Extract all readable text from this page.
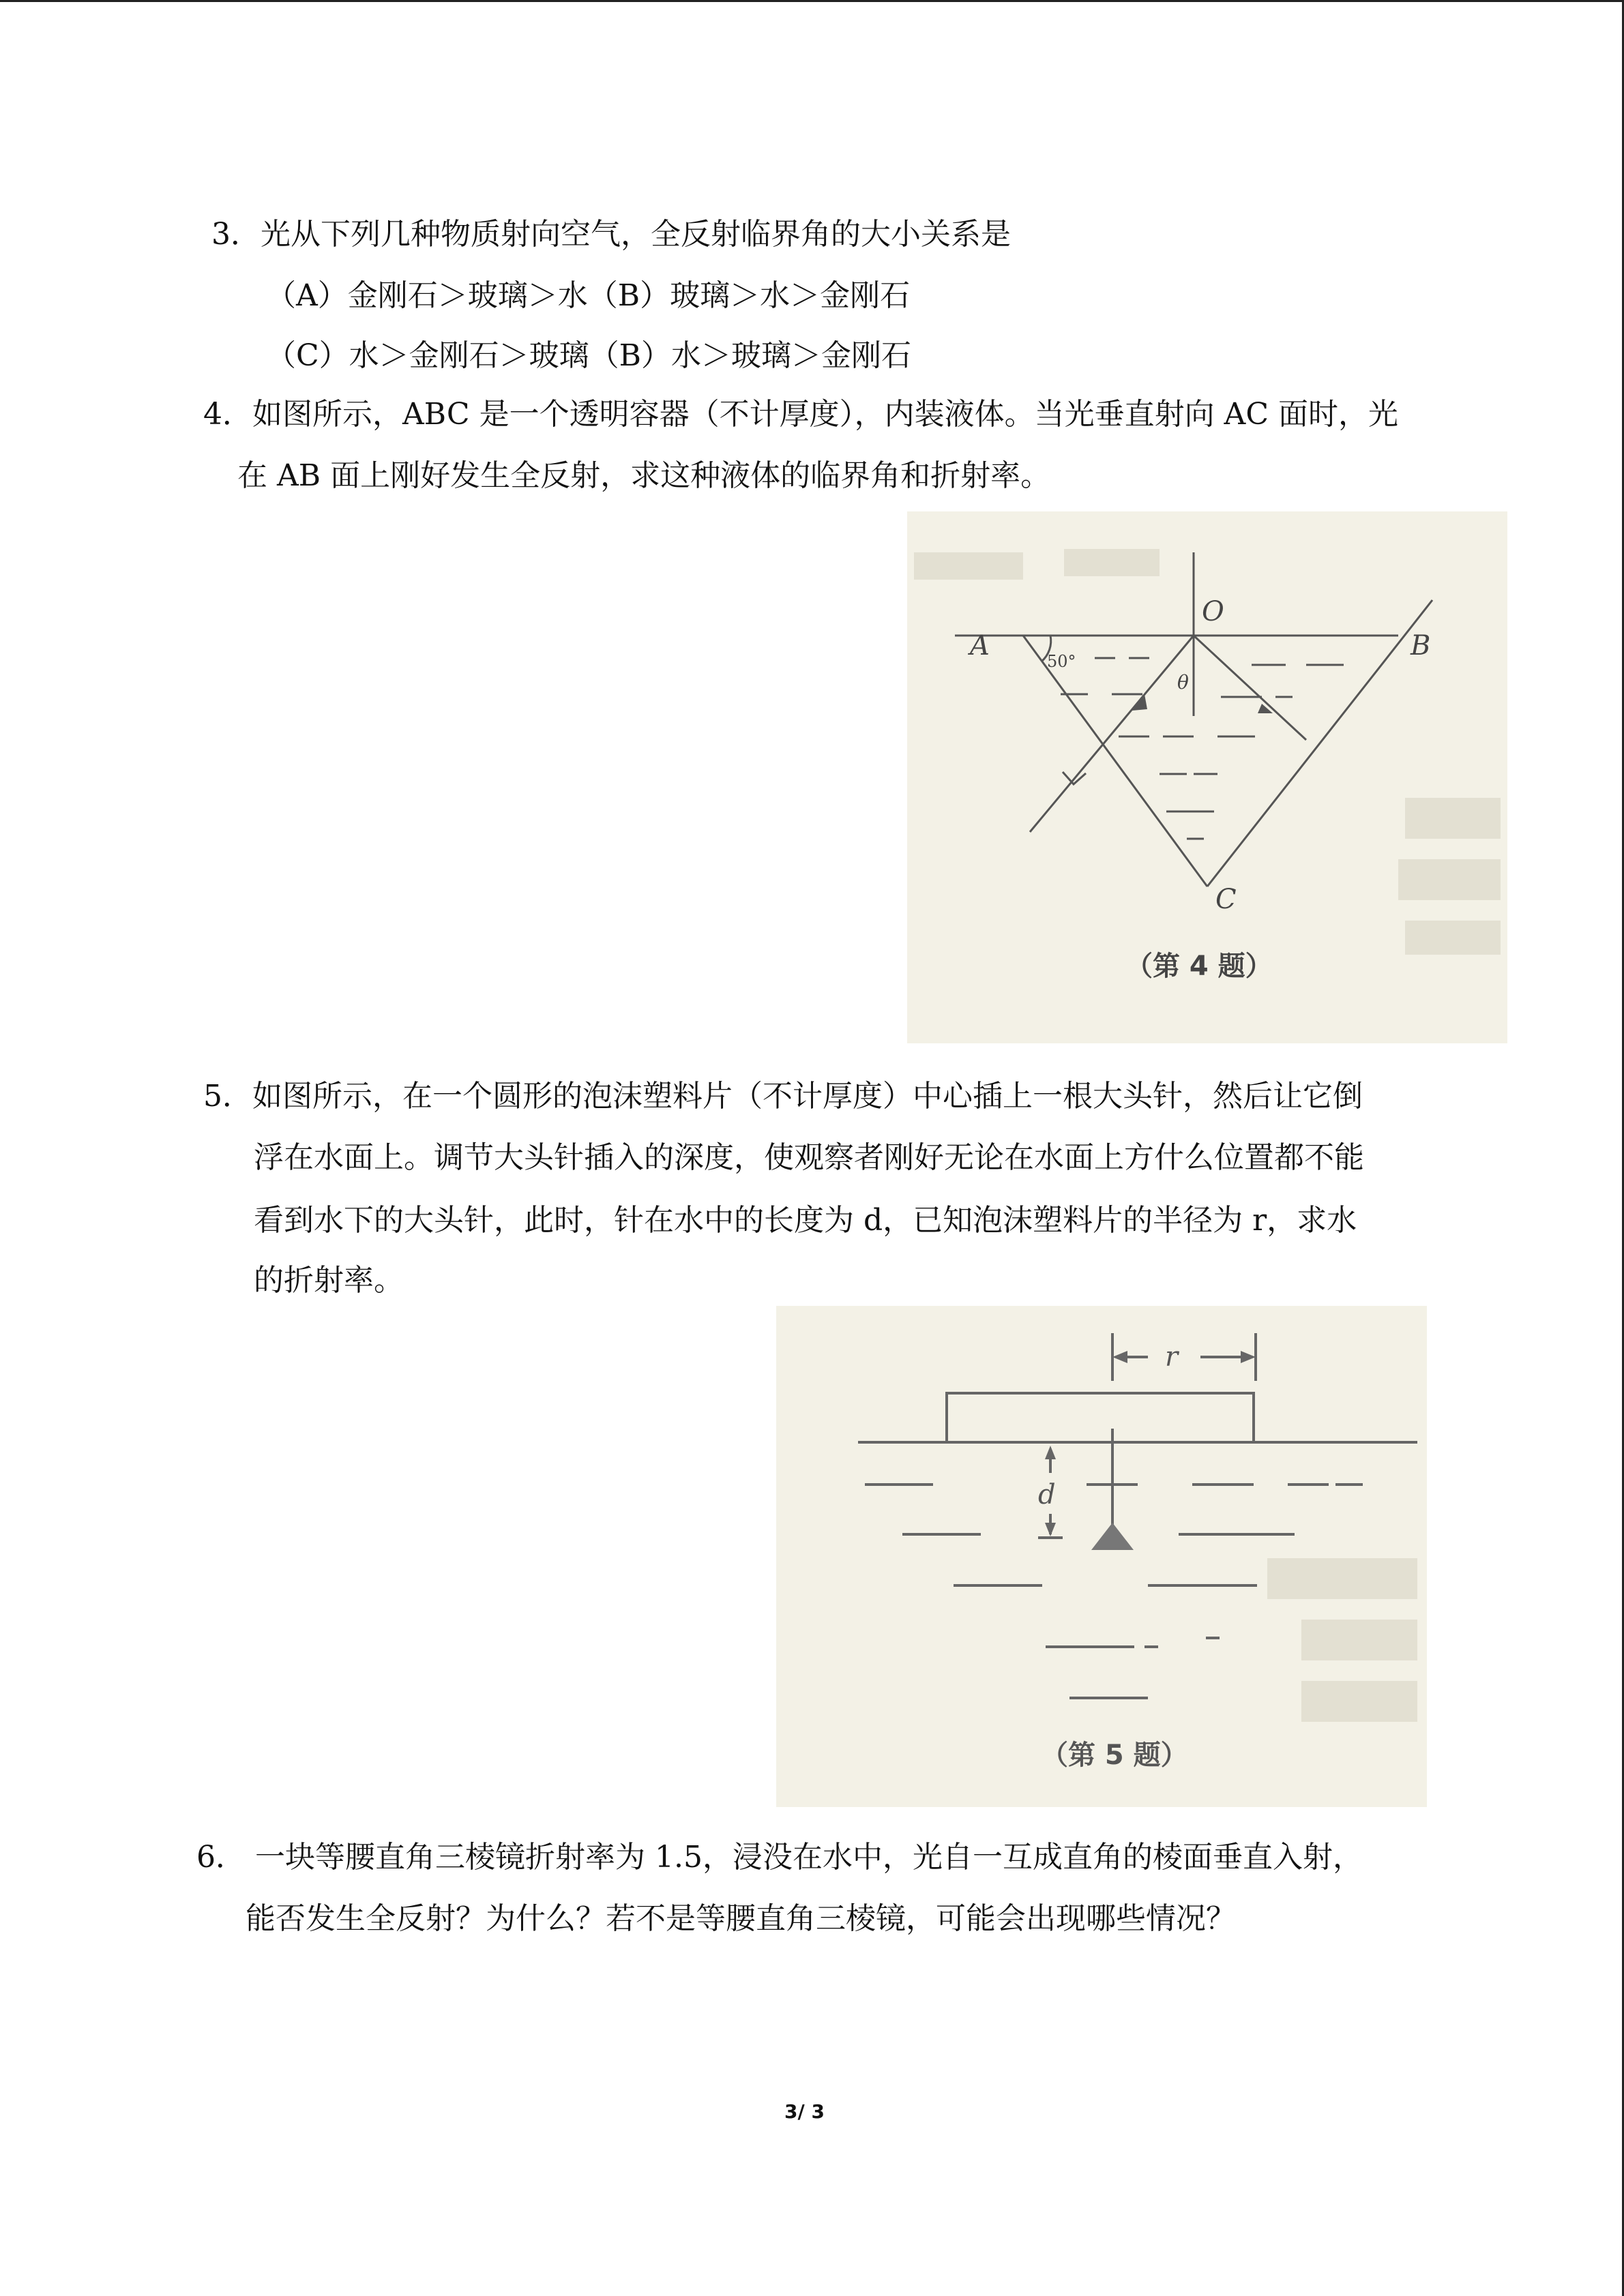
3．光从下列几种物质射向空气，全反射临界角的大小关系是
（A）金刚石＞玻璃＞水（B）玻璃＞水＞金刚石
（C）水＞金刚石＞玻璃（B）水＞玻璃＞金刚石
4．如图所示，ABC 是一个透明容器（不计厚度），内装液体。当光垂直射向 AC 面时，光
在 AB 面上刚好发生全反射，求这种液体的临界角和折射率。
A	B
C
O
θ
50°
（第 4 题）
5．如图所示，在一个圆形的泡沫塑料片（不计厚度）中心插上一根大头针，然后让它倒
浮在水面上。调节大头针插入的深度，使观察者刚好无论在水面上方什么位置都不能
看到水下的大头针，此时，针在水中的长度为 d，已知泡沫塑料片的半径为 r，求水
的折射率。
r
d
（第 5 题）
6． 一块等腰直角三棱镜折射率为 1.5，浸没在水中，光自一互成直角的棱面垂直入射，
能否发生全反射？为什么？若不是等腰直角三棱镜，可能会出现哪些情况？
3/ 3
